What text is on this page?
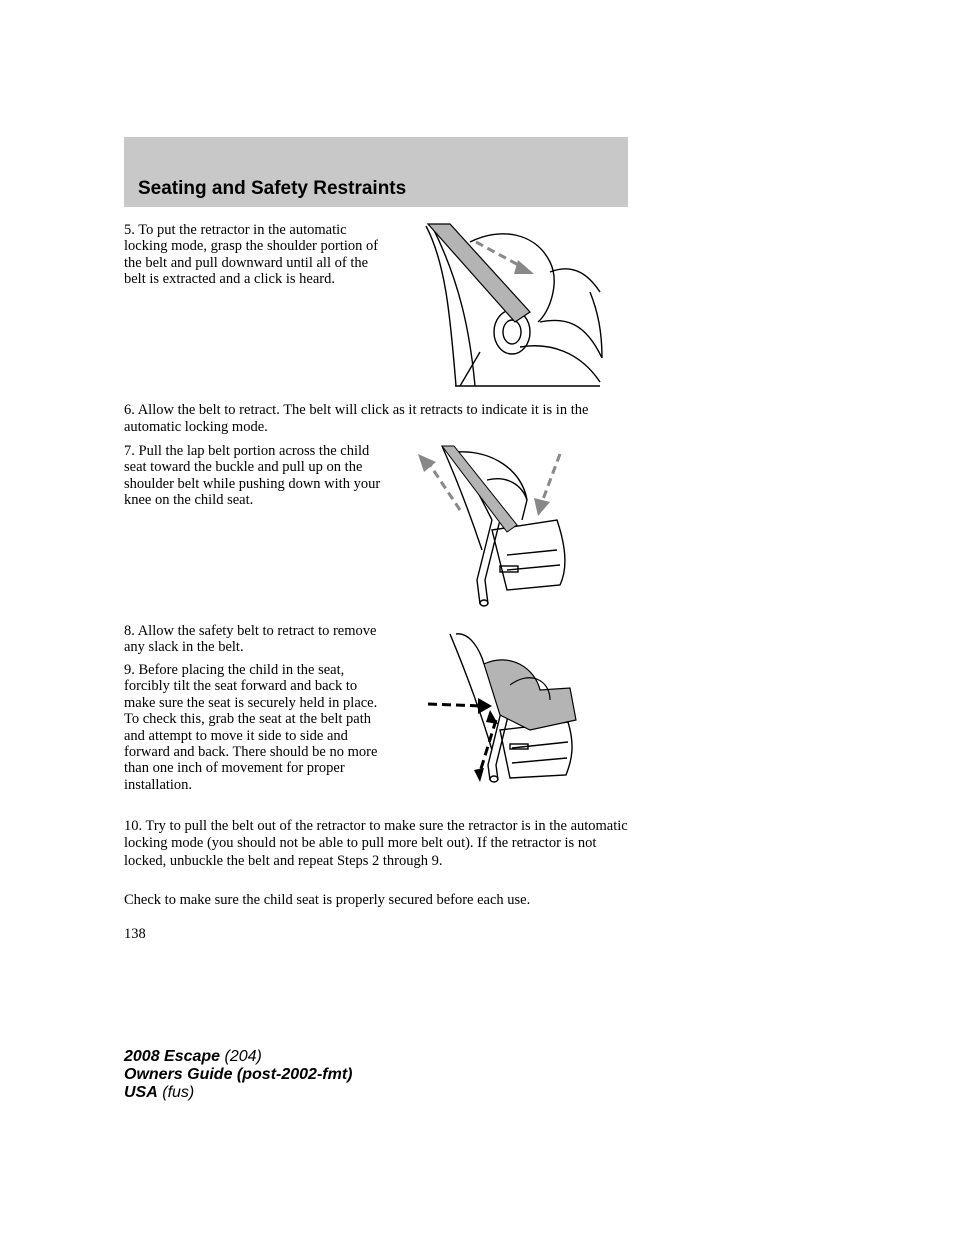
Seating and Safety Restraints

5. To put the retractor in the automatic locking mode, grasp the shoulder portion of the belt and pull downward until all of the belt is extracted and a click is heard.

6. Allow the belt to retract. The belt will click as it retracts to indicate it is in the automatic locking mode.

7. Pull the lap belt portion across the child seat toward the buckle and pull up on the shoulder belt while pushing down with your knee on the child seat.

8. Allow the safety belt to retract to remove any slack in the belt.

9. Before placing the child in the seat, forcibly tilt the seat forward and back to make sure the seat is securely held in place. To check this, grab the seat at the belt path and attempt to move it side to side and forward and back. There should be no more than one inch of movement for proper installation.

10. Try to pull the belt out of the retractor to make sure the retractor is in the automatic locking mode (you should not be able to pull more belt out). If the retractor is not locked, unbuckle the belt and repeat Steps 2 through 9.

Check to make sure the child seat is properly secured before each use.

138
2008 Escape (204)
Owners Guide (post-2002-fmt)
USA (fus)
